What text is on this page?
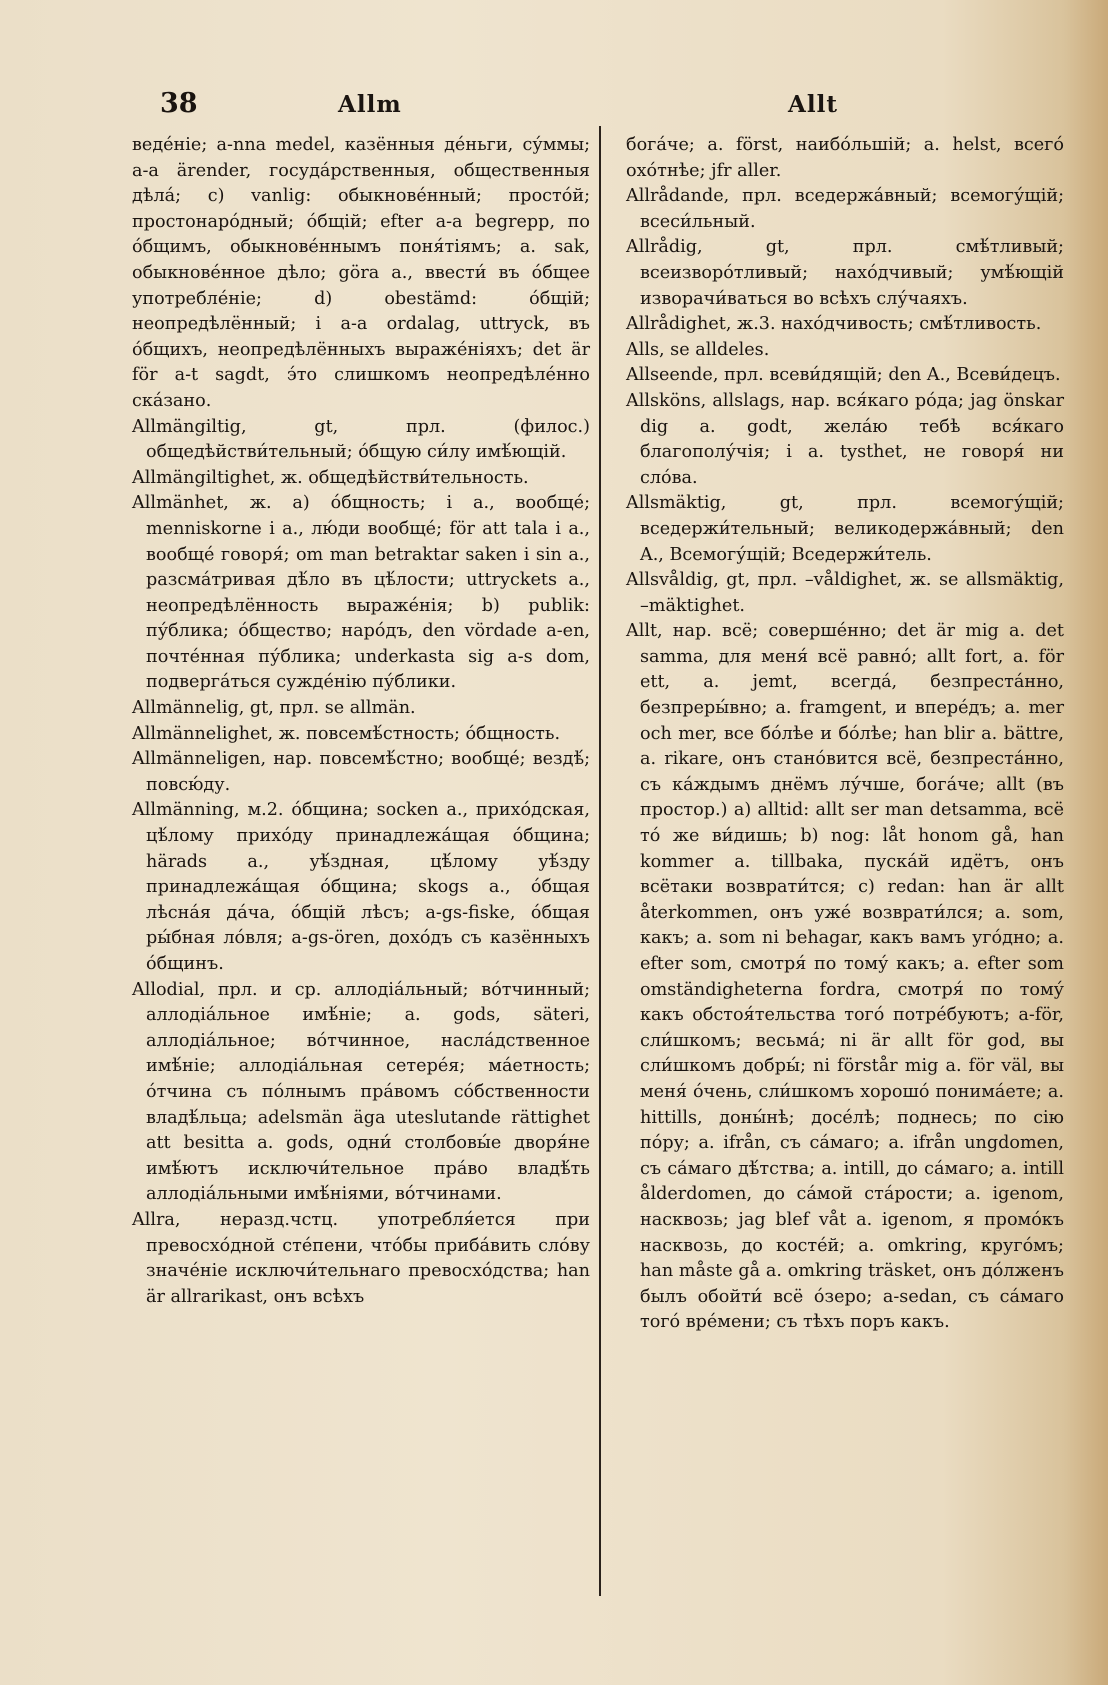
38	Allm	Allt

веде́ніе; a-nna medel, казённыя де́ньги, су́ммы; a-a ärender, госуда́рственныя, общественныя дѣла́; c) vanlig: обыкнове́нный; просто́й; простонаро́дный; о́бщій; efter a-a begrepp, по о́бщимъ, обыкнове́ннымъ поня́тіямъ; a. sak, обыкнове́нное дѣло; göra a., ввести́ въ о́бщее употребле́ніе; d) obestämd: о́бщій; неопредѣлённый; i a-a ordalag, uttryck, въ о́бщихъ, неопредѣлённыхъ выраже́ніяхъ; det är för a-t sagdt, э́то слишкомъ неопредѣле́нно ска́зано.

Allmängiltig, gt, прл. (филос.) общедѣйстви́тельный; о́бщую си́лу имѣ́ющій.

Allmängiltighet, ж. общедѣйстви́тельность.

Allmänhet, ж. a) о́бщность; i a., вообще́; menniskorne i a., лю́ди вообще́; för att tala i a., вообще́ говоря́; om man betraktar saken i sin a., разсма́тривая дѣ́ло въ цѣ́лости; uttryckets a., неопредѣлённость выраже́нія; b) publik: пу́блика; о́бщество; наро́дъ, den vördade a-en, почте́нная пу́блика; underkasta sig a-s dom, подверга́ться сужде́нію пу́блики.

Allmännelig, gt, прл. se allmän.

Allmännelighet, ж. повсемѣ́стность; о́бщность.

Allmänneligen, нар. повсемѣ́стно; вообще́; вездѣ́; повсю́ду.

Allmänning, м.2. о́бщина; socken a., прихо́дская, цѣ́лому прихо́ду принадлежа́щая о́бщина; härads a., уѣ́здная, цѣ́лому уѣ́зду принадлежа́щая о́бщина; skogs a., о́бщая лѣсна́я да́ча, о́бщій лѣсъ; a-gs-fiske, о́бщая ры́бная ло́вля; a-gs-ören, дохо́дъ съ казённыхъ о́бщинъ.

Allodial, прл. и ср. аллодіа́льный; во́тчинный; аллодіа́льное имѣ́ніе; a. gods, säteri, аллодіа́льное; во́тчинное, насла́дственное имѣ́ніе; аллодіа́льная сетере́я; ма́етность; о́тчина съ по́лнымъ пра́вомъ со́бственности владѣ́льца; adelsmän äga uteslutande rättighet att besitta a. gods, одни́ столбовы́е дворя́не имѣ́ютъ исключи́тельное пра́во владѣ́ть аллодіа́льными имѣ́ніями, во́тчинами.

Allra, неразд.чстц. употребля́ется при превосхо́дной сте́пени, что́бы приба́вить сло́ву значе́ніе исключи́тельнаго превосхо́дства; han är allrarikast, онъ всѣхъ

бога́че; a. först, наибо́льшій; a. helst, всего́ охо́тнѣе; jfr aller.

Allrådande, прл. вседержа́вный; всемогу́щій; всеси́льный.

Allrådig, gt, прл. смѣ́тливый; всеизворо́тливый; нахо́дчивый; умѣ́ющій изворачи́ваться во всѣхъ слу́чаяхъ.

Allrådighet, ж.3. нахо́дчивость; смѣ́тливость.

Alls, se alldeles.

Allseende, прл. всеви́дящій; den A., Всеви́децъ.

Allsköns, allslags, нар. вся́каго ро́да; jag önskar dig a. godt, жела́ю тебѣ вся́каго благополу́чія; i a. tysthet, не говоря́ ни сло́ва.

Allsmäktig, gt, прл. всемогу́щій; вседержи́тельный; великодержа́вный; den A., Всемогу́щій; Вседержи́тель.

Allsvåldig, gt, прл. –våldighet, ж. se allsmäktig, –mäktighet.

Allt, нар. всё; соверше́нно; det är mig a. det samma, для меня́ всё равно́; allt fort, a. för ett, a. jemt, всегда́, безпреста́нно, безпреры́вно; a. framgent, и впере́дъ; a. mer och mer, все бо́лѣе и бо́лѣе; han blir a. bättre, a. rikare, онъ стано́вится всё, безпреста́нно, съ ка́ждымъ днёмъ лу́чше, бога́че; allt (въ простор.) a) alltid: allt ser man detsamma, всё то́ же ви́дишь; b) nog: låt honom gå, han kommer a. tillbaka, пуска́й идётъ, онъ всётаки возврати́тся; c) redan: han är allt återkommen, онъ уже́ возврати́лся; a. som, какъ; a. som ni behagar, какъ вамъ уго́дно; a. efter som, смотря́ по тому́ какъ; a. efter som omständigheterna fordra, смотря́ по тому́ какъ обстоя́тельства того́ потре́буютъ; a-för, сли́шкомъ; весьма́; ni är allt för god, вы сли́шкомъ добры́; ni förstår mig a. för väl, вы меня́ о́чень, сли́шкомъ хорошо́ понима́ете; a. hittills, доны́нѣ; досе́лѣ; поднесь; по сію по́ру; a. ifrån, съ са́маго; a. ifrån ungdomen, съ са́маго дѣ́тства; a. intill, до са́маго; a. intill ålderdomen, до са́мой ста́рости; a. igenom, насквозь; jag blef våt a. igenom, я промо́къ насквозь, до косте́й; a. omkring, круго́мъ; han måste gå a. omkring träsket, онъ до́лженъ былъ обойти́ всё о́зеро; a-sedan, съ са́маго того́ вре́мени; съ тѣхъ поръ какъ.
